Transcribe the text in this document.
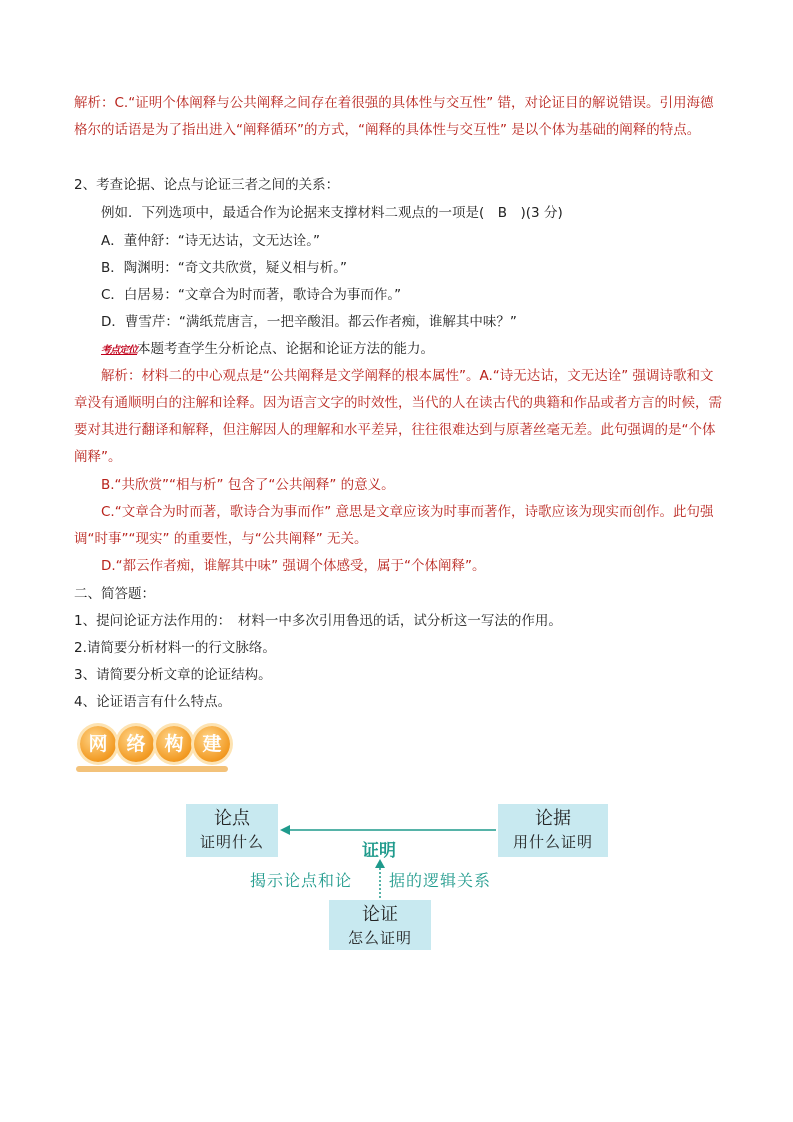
解析：C.“证明个体阐释与公共阐释之间存在着很强的具体性与交互性” 错，对论证目的解说错误。引用海德格尔的话语是为了指出进入“阐释循环”的方式，“阐释的具体性与交互性” 是以个体为基础的阐释的特点。
2、考查论据、论点与论证三者之间的关系：
例如．下列选项中，最适合作为论据来支撑材料二观点的一项是(　B　)(3 分)
A．董仲舒：“诗无达诂，文无达诠。”
B．陶渊明：“奇文共欣赏，疑义相与析。”
C．白居易：“文章合为时而著，歌诗合为事而作。”
D．曹雪芹：“满纸荒唐言，一把辛酸泪。都云作者痴，谁解其中味？”
考点定位本题考查学生分析论点、论据和论证方法的能力。
解析：材料二的中心观点是“公共阐释是文学阐释的根本属性”。A.“诗无达诂，文无达诠” 强调诗歌和文章没有通顺明白的注解和诠释。因为语言文字的时效性，当代的人在读古代的典籍和作品或者方言的时候，需要对其进行翻译和解释，但注解因人的理解和水平差异，往往很难达到与原著丝毫无差。此句强调的是“个体阐释”。
B.“共欣赏”“相与析” 包含了“公共阐释” 的意义。
C.“文章合为时而著，歌诗合为事而作” 意思是文章应该为时事而著作，诗歌应该为现实而创作。此句强调“时事”“现实” 的重要性，与“公共阐释” 无关。
D.“都云作者痴，谁解其中味” 强调个体感受，属于“个体阐释”。
二、简答题：
1、提问论证方法作用的：　材料一中多次引用鲁迅的话，试分析这一写法的作用。
2.请简要分析材料一的行文脉络。
3、请简要分析文章的论证结构。
4、论证语言有什么特点。
网 络 构 建
论点
证明什么
论据
用什么证明
论证
怎么证明
证明
揭示论点和论 据的逻辑关系
